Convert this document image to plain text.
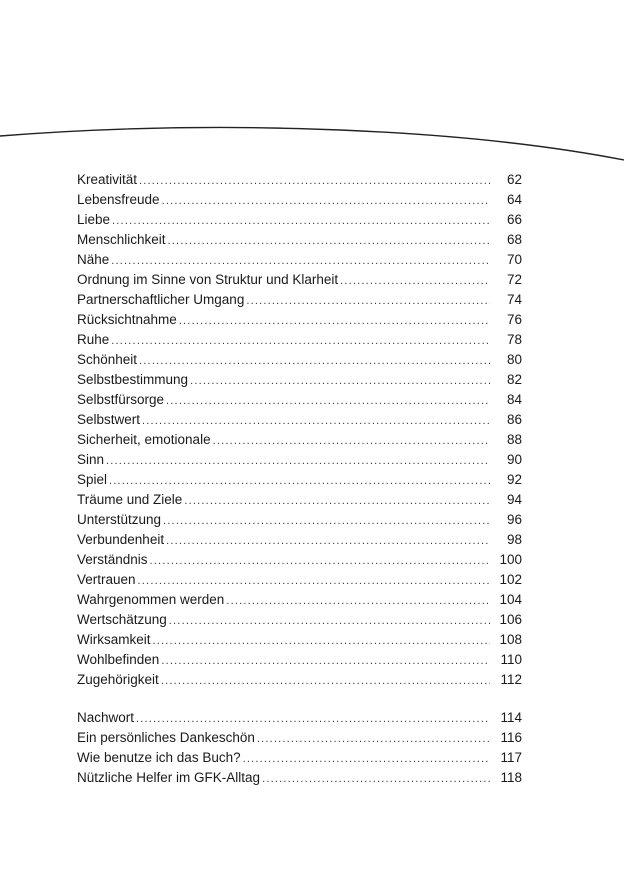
Kreativität .....	62
Lebensfreude .....	64
Liebe .....	66
Menschlichkeit .....	68
Nähe .....	70
Ordnung im Sinne von Struktur und Klarheit .....	72
Partnerschaftlicher Umgang .....	74
Rücksichtnahme .....	76
Ruhe .....	78
Schönheit .....	80
Selbstbestimmung .....	82
Selbstfürsorge .....	84
Selbstwert .....	86
Sicherheit, emotionale .....	88
Sinn .....	90
Spiel .....	92
Träume und Ziele .....	94
Unterstützung .....	96
Verbundenheit .....	98
Verständnis .....	100
Vertrauen .....	102
Wahrgenommen werden .....	104
Wertschätzung .....	106
Wirksamkeit .....	108
Wohlbefinden .....	110
Zugehörigkeit .....	112
Nachwort .....	114
Ein persönliches Dankeschön .....	116
Wie benutze ich das Buch? .....	117
Nützliche Helfer im GFK-Alltag .....	118
